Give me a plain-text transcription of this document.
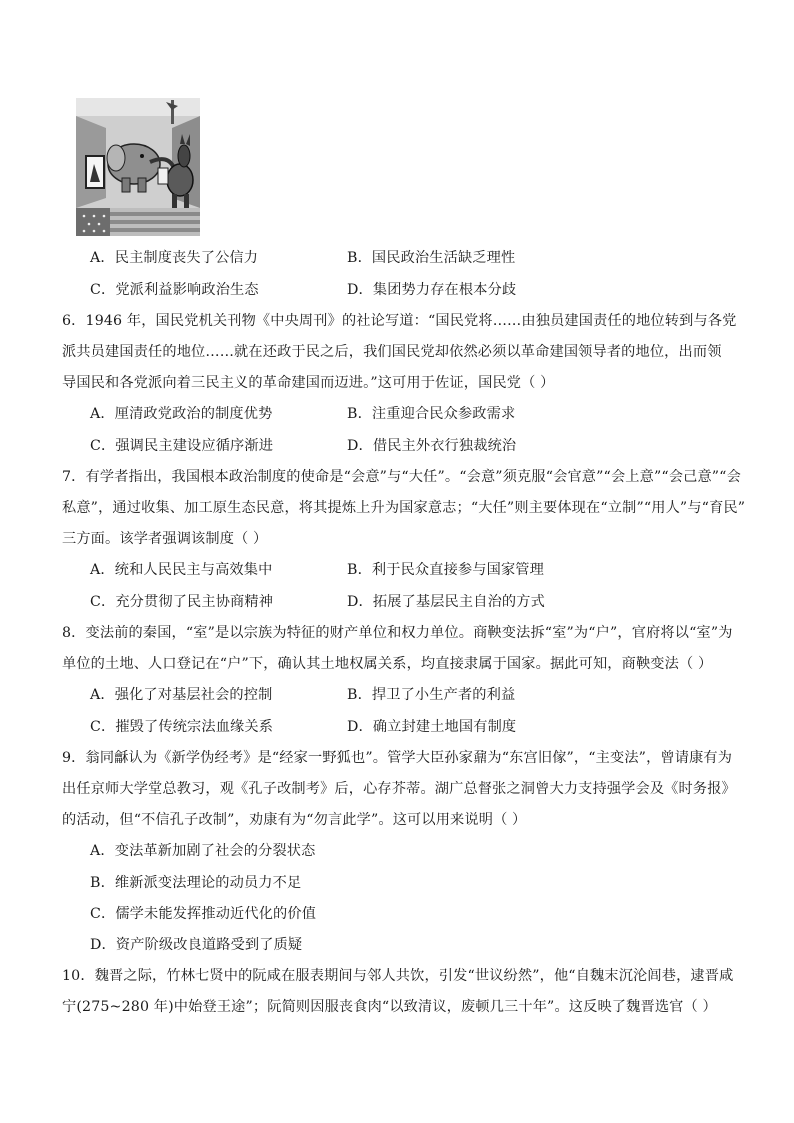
A．民主制度丧失了公信力	B．国民政治生活缺乏理性
C．党派利益影响政治生态	D．集团势力存在根本分歧
6．1946 年，国民党机关刊物《中央周刊》的社论写道：“国民党将……由独员建国责任的地位转到与各党
派共员建国责任的地位……就在还政于民之后，我们国民党却依然必须以革命建国领导者的地位，出而领
导国民和各党派向着三民主义的革命建国而迈进。”这可用于佐证，国民党（ ）
A．厘清政党政治的制度优势	B．注重迎合民众参政需求
C．强调民主建设应循序渐进	D．借民主外衣行独裁统治
7．有学者指出，我国根本政治制度的使命是“会意”与“大任”。“会意”须克服“会官意”“会上意”“会己意”“会
私意”，通过收集、加工原生态民意，将其提炼上升为国家意志；“大任”则主要体现在“立制”“用人”与“育民”
三方面。该学者强调该制度（ ）
A．统和人民民主与高效集中	B．利于民众直接参与国家管理
C．充分贯彻了民主协商精神	D．拓展了基层民主自治的方式
8．变法前的秦国，“室”是以宗族为特征的财产单位和权力单位。商鞅变法拆“室”为“户”，官府将以“室”为
单位的土地、人口登记在“户”下，确认其土地权属关系，均直接隶属于国家。据此可知，商鞅变法（ ）
A．强化了对基层社会的控制	B．捍卫了小生产者的利益
C．摧毁了传统宗法血缘关系	D．确立封建土地国有制度
9．翁同龢认为《新学伪经考》是“经家一野狐也”。管学大臣孙家鼐为“东宫旧傢”，“主变法”，曾请康有为
出任京师大学堂总教习，观《孔子改制考》后，心存芥蒂。湖广总督张之洞曾大力支持强学会及《时务报》
的活动，但“不信孔子改制”，劝康有为“勿言此学”。这可以用来说明（ ）
A．变法革新加剧了社会的分裂状态
B．维新派变法理论的动员力不足
C．儒学未能发挥推动近代化的价值
D．资产阶级改良道路受到了质疑
10．魏晋之际，竹林七贤中的阮咸在服表期间与邻人共饮，引发“世议纷然”，他“自魏末沉沦闾巷，逮晋咸
宁(275~280 年)中始登王途”；阮简则因服丧食肉“以致清议，废顿几三十年”。这反映了魏晋选官（ ）
